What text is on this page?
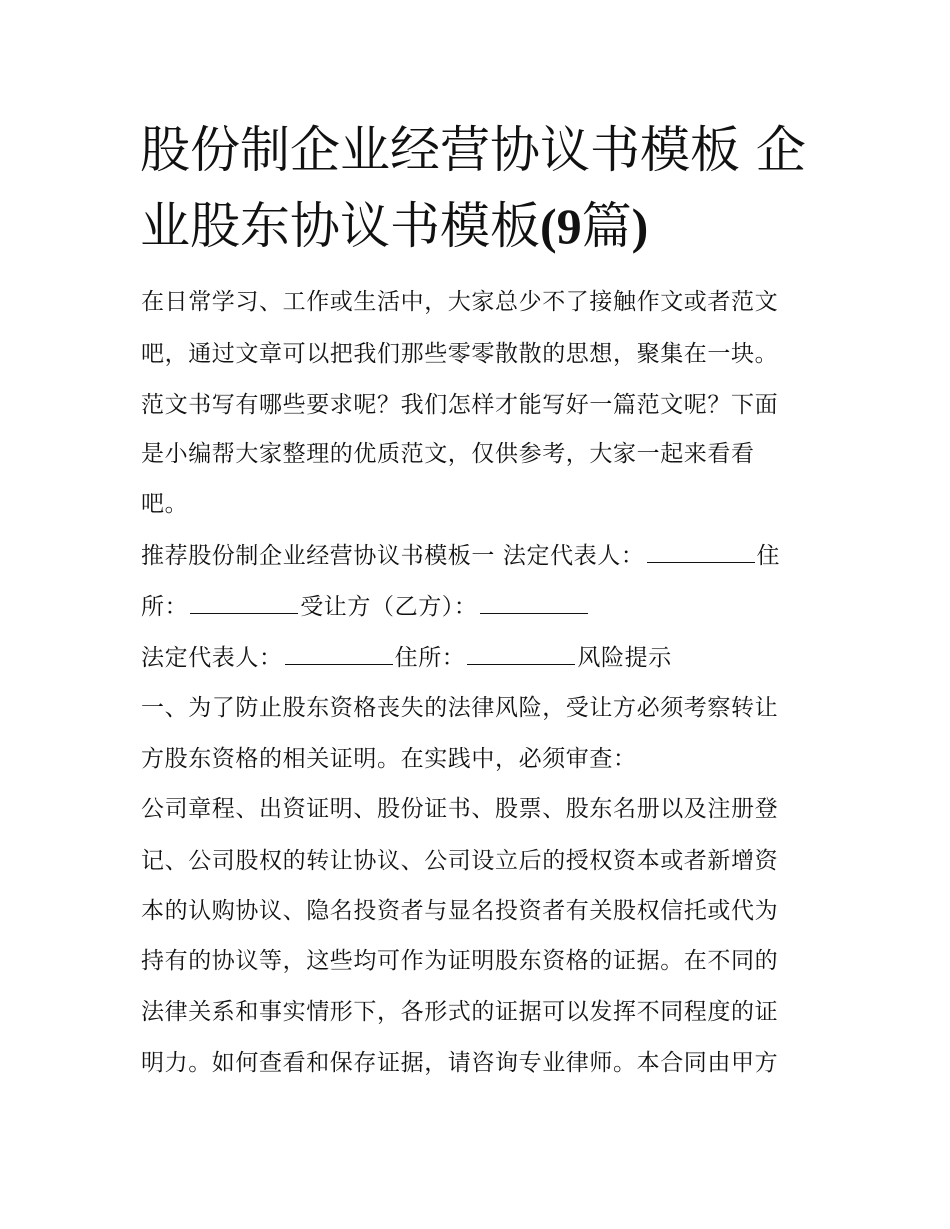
股份制企业经营协议书模板 企
业股东协议书模板(9篇)

在日常学习、工作或生活中，大家总少不了接触作文或者范文

吧，通过文章可以把我们那些零零散散的思想，聚集在一块。

范文书写有哪些要求呢？我们怎样才能写好一篇范文呢？下面

是小编帮大家整理的优质范文，仅供参考，大家一起来看看

吧。

推荐股份制企业经营协议书模板一 法定代表人：	住

所：	受让方（乙方）：

法定代表人：	住所：	风险提示

一、为了防止股东资格丧失的法律风险，受让方必须考察转让

方股东资格的相关证明。在实践中，必须审查：

公司章程、出资证明、股份证书、股票、股东名册以及注册登

记、公司股权的转让协议、公司设立后的授权资本或者新增资

本的认购协议、隐名投资者与显名投资者有关股权信托或代为

持有的协议等，这些均可作为证明股东资格的证据。在不同的

法律关系和事实情形下，各形式的证据可以发挥不同程度的证

明力。如何查看和保存证据，请咨询专业律师。本合同由甲方
